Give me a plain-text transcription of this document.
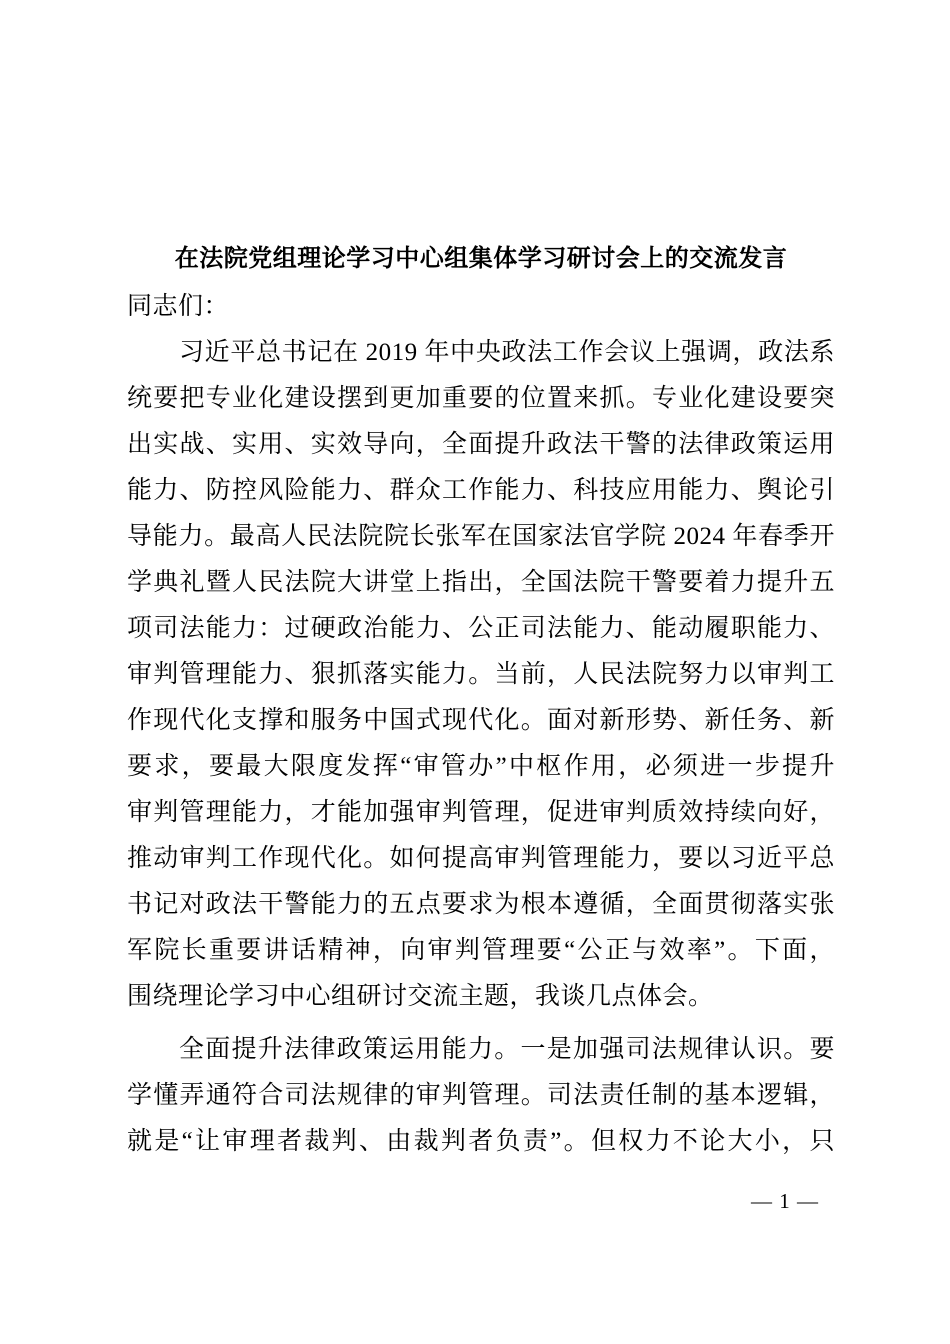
在法院党组理论学习中心组集体学习研讨会上的交流发言
同志们：
习近平总书记在 2019 年中央政法工作会议上强调，政法系
统要把专业化建设摆到更加重要的位置来抓。专业化建设要突
出实战、实用、实效导向，全面提升政法干警的法律政策运用
能力、防控风险能力、群众工作能力、科技应用能力、舆论引
导能力。最高人民法院院长张军在国家法官学院 2024 年春季开
学典礼暨人民法院大讲堂上指出，全国法院干警要着力提升五
项司法能力：过硬政治能力、公正司法能力、能动履职能力、
审判管理能力、狠抓落实能力。当前，人民法院努力以审判工
作现代化支撑和服务中国式现代化。面对新形势、新任务、新
要求，要最大限度发挥“审管办”中枢作用，必须进一步提升
审判管理能力，才能加强审判管理，促进审判质效持续向好，
推动审判工作现代化。如何提高审判管理能力，要以习近平总
书记对政法干警能力的五点要求为根本遵循，全面贯彻落实张
军院长重要讲话精神，向审判管理要“公正与效率”。下面，
围绕理论学习中心组研讨交流主题，我谈几点体会。
全面提升法律政策运用能力。一是加强司法规律认识。要
学懂弄通符合司法规律的审判管理。司法责任制的基本逻辑，
就是“让审理者裁判、由裁判者负责”。但权力不论大小，只
— 1 —
